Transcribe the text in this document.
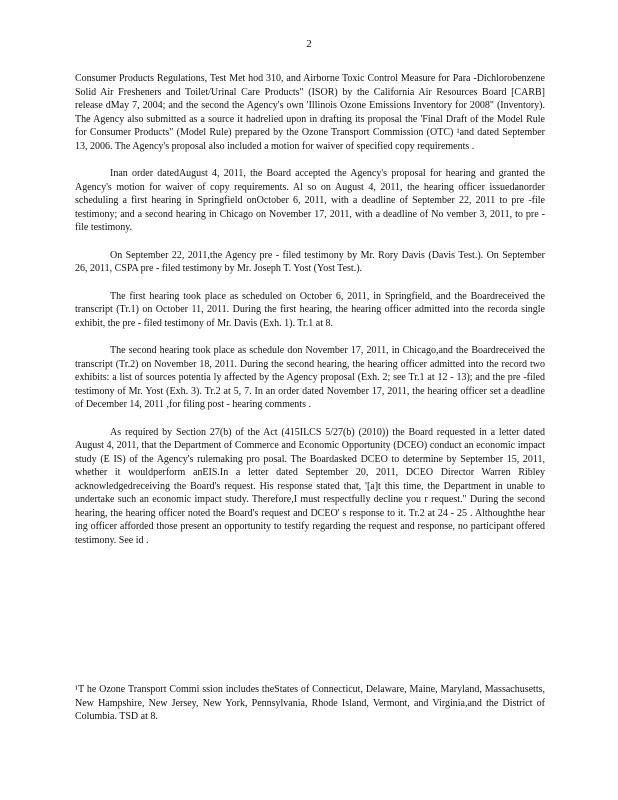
2

Consumer Products Regulations, Test Met hod 310, and Airborne Toxic Control Measure for Para -Dichlorobenzene Solid Air Fresheners and Toilet/Urinal Care Products" (ISOR) by the California Air Resources Board [CARB] release dMay 7, 2004; and the second the Agency's own 'Illinois Ozone Emissions Inventory for 2008" (Inventory). The Agency also submitted as a source it hadrelied upon in drafting its proposal the 'Final Draft of the Model Rule for Consumer Products" (Model Rule) prepared by the Ozone Transport Commission (OTC) ¹and dated September 13, 2006. The Agency's proposal also included a motion for waiver of specified copy requirements .

Inan order datedAugust 4, 2011, the Board accepted the Agency's proposal for hearing and granted the Agency's motion for waiver of copy requirements. Al so on August 4, 2011, the hearing officer issuedanorder scheduling a first hearing in Springfield onOctober 6, 2011, with a deadline of September 22, 2011 to pre -file testimony; and a second hearing in Chicago on November 17, 2011, with a deadline of No vember 3, 2011, to pre -file testimony.

On September 22, 2011,the Agency pre - filed testimony by Mr. Rory Davis (Davis Test.). On September 26, 2011, CSPA pre - filed testimony by Mr. Joseph T. Yost (Yost Test.).

The first hearing took place as scheduled on October 6, 2011, in Springfield, and the Boardreceived the transcript (Tr.1) on October 11, 2011. During the first hearing, the hearing officer admitted into the recorda single exhibit, the pre - filed testimony of Mr. Davis (Exh. 1). Tr.1 at 8.

The second hearing took place as schedule don November 17, 2011, in Chicago,and the Boardreceived the transcript (Tr.2) on November 18, 2011. During the second hearing, the hearing officer admitted into the record two exhibits: a list of sources potentia ly affected by the Agency proposal (Exh. 2; see Tr.1 at 12 - 13); and the pre -filed testimony of Mr. Yost (Exh. 3). Tr.2 at 5, 7. In an order dated November 17, 2011, the hearing officer set a deadline of December 14, 2011 ,for filing post - hearing comments .

As required by Section 27(b) of the Act (415ILCS 5/27(b) (2010)) the Board requested in a letter dated August 4, 2011, that the Department of Commerce and Economic Opportunity (DCEO) conduct an economic impact study (E IS) of the Agency's rulemaking pro posal. The Boardasked DCEO to determine by September 15, 2011, whether it wouldperform anEIS.In a letter dated September 20, 2011, DCEO Director Warren Ribley acknowledgedreceiving the Board's request. His response stated that, '[a]t this time, the Department in unable to undertake such an economic impact study. Therefore,I must respectfully decline you r request." During the second hearing, the hearing officer noted the Board's request and DCEO' s response to it. Tr.2 at 24 - 25 . Althoughthe hear ing officer afforded those present an opportunity to testify regarding the request and response, no participant offered testimony. See id .

¹T he Ozone Transport Commi ssion includes theStates of Connecticut, Delaware, Maine, Maryland, Massachusetts, New Hampshire, New Jersey, New York, Pennsylvania, Rhode Island, Vermont, and Virginia,and the District of Columbia. TSD at 8.
